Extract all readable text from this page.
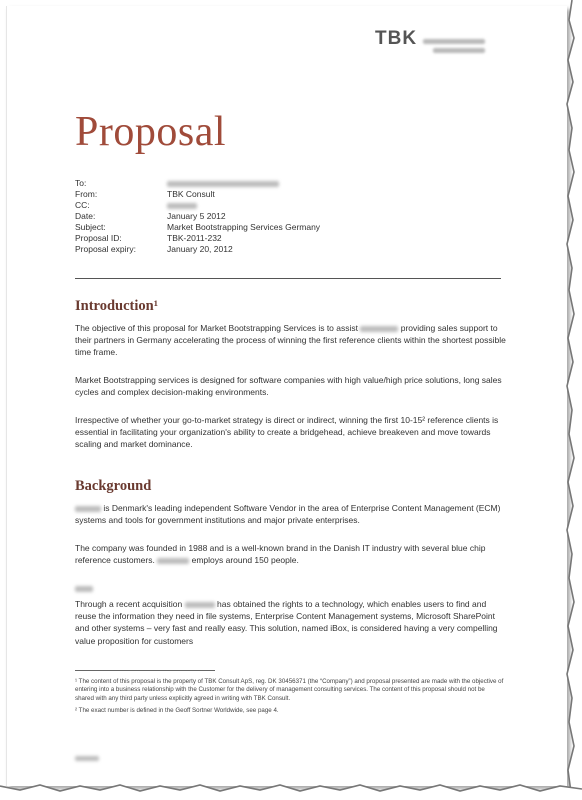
TBK
Proposal
To:
From:	TBK Consult
CC:
Date:	January 5 2012
Subject:	Market Bootstrapping Services Germany
Proposal ID:	TBK-2011-232
Proposal expiry:	January 20, 2012
Introduction¹
The objective of this proposal for Market Bootstrapping Services is to assist	providing sales support to their partners in Germany accelerating the process of winning the first reference clients within the shortest possible time frame.
Market Bootstrapping services is designed for software companies with high value/high price solutions, long sales cycles and complex decision-making environments.
Irrespective of whether your go-to-market strategy is direct or indirect, winning the first 10-15² reference clients is essential in facilitating your organization's ability to create a bridgehead, achieve breakeven and move towards scaling and market dominance.
Background
is Denmark's leading independent Software Vendor in the area of Enterprise Content Management (ECM) systems and tools for government institutions and major private enterprises.
The company was founded in 1988 and is a well-known brand in the Danish IT industry with several blue chip reference customers.	employs around 150 people.
Through a recent acquisition	has obtained the rights to a technology, which enables users to find and reuse the information they need in file systems, Enterprise Content Management systems, Microsoft SharePoint and other systems – very fast and really easy. This solution, named iBox, is considered having a very compelling value proposition for customers
¹ The content of this proposal is the property of TBK Consult ApS, reg. DK 30456371 (the “Company”) and proposal presented are made with the objective of entering into a business relationship with the Customer for the delivery of management consulting services. The content of this proposal should not be shared with any third party unless explicitly agreed in writing with TBK Consult.
² The exact number is defined in the Geoff Sortner Worldwide, see page 4.
